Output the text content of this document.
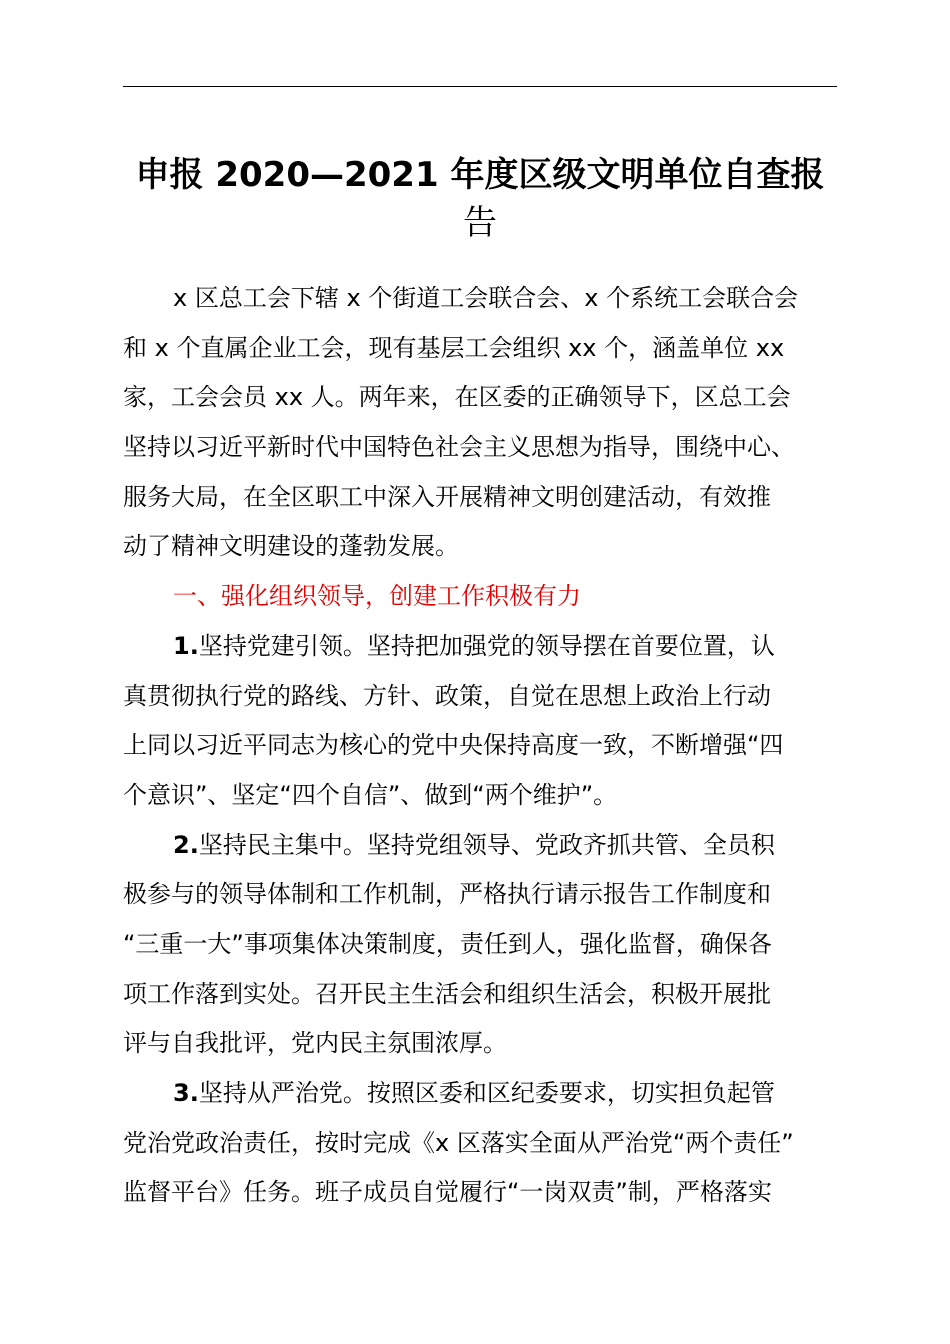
申报 2020—2021 年度区级文明单位自查报
告
x 区总工会下辖 x 个街道工会联合会、x 个系统工会联合会
和 x 个直属企业工会，现有基层工会组织 xx 个，涵盖单位 xx
家，工会会员 xx 人。两年来，在区委的正确领导下，区总工会
坚持以习近平新时代中国特色社会主义思想为指导，围绕中心、
服务大局，在全区职工中深入开展精神文明创建活动，有效推
动了精神文明建设的蓬勃发展。
一、强化组织领导，创建工作积极有力
1.坚持党建引领。坚持把加强党的领导摆在首要位置，认
真贯彻执行党的路线、方针、政策，自觉在思想上政治上行动
上同以习近平同志为核心的党中央保持高度一致，不断增强“四
个意识”、坚定“四个自信”、做到“两个维护”。
2.坚持民主集中。坚持党组领导、党政齐抓共管、全员积
极参与的领导体制和工作机制，严格执行请示报告工作制度和
“三重一大”事项集体决策制度，责任到人，强化监督，确保各
项工作落到实处。召开民主生活会和组织生活会，积极开展批
评与自我批评，党内民主氛围浓厚。
3.坚持从严治党。按照区委和区纪委要求，切实担负起管
党治党政治责任，按时完成《x 区落实全面从严治党“两个责任”
监督平台》任务。班子成员自觉履行“一岗双责”制，严格落实
